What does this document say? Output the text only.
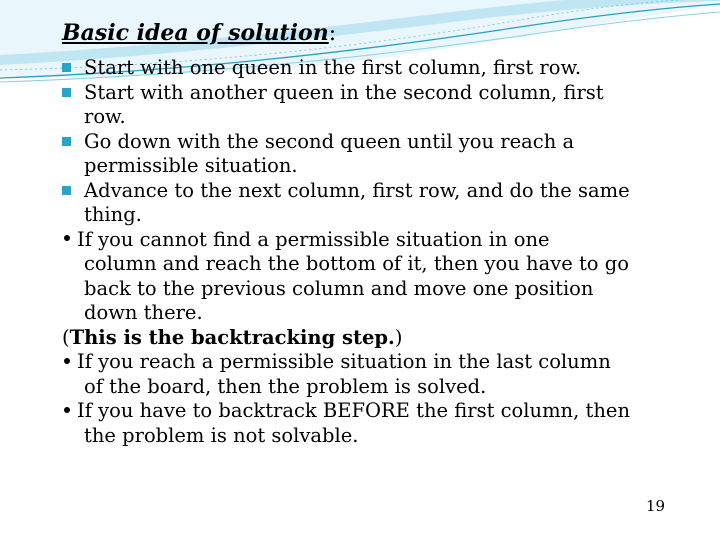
Basic idea of solution:
Start with one queen in the first column, first row.
Start with another queen in the second column, first
row.
Go down with the second queen until you reach a
permissible situation.
Advance to the next column, first row, and do the same
thing.
If you cannot find a permissible situation in one
column and reach the bottom of it, then you have to go
back to the previous column and move one position
down there.
(This is the backtracking step.)
If you reach a permissible situation in the last column
of the board, then the problem is solved.
If you have to backtrack BEFORE the first column, then
the problem is not solvable.
19
